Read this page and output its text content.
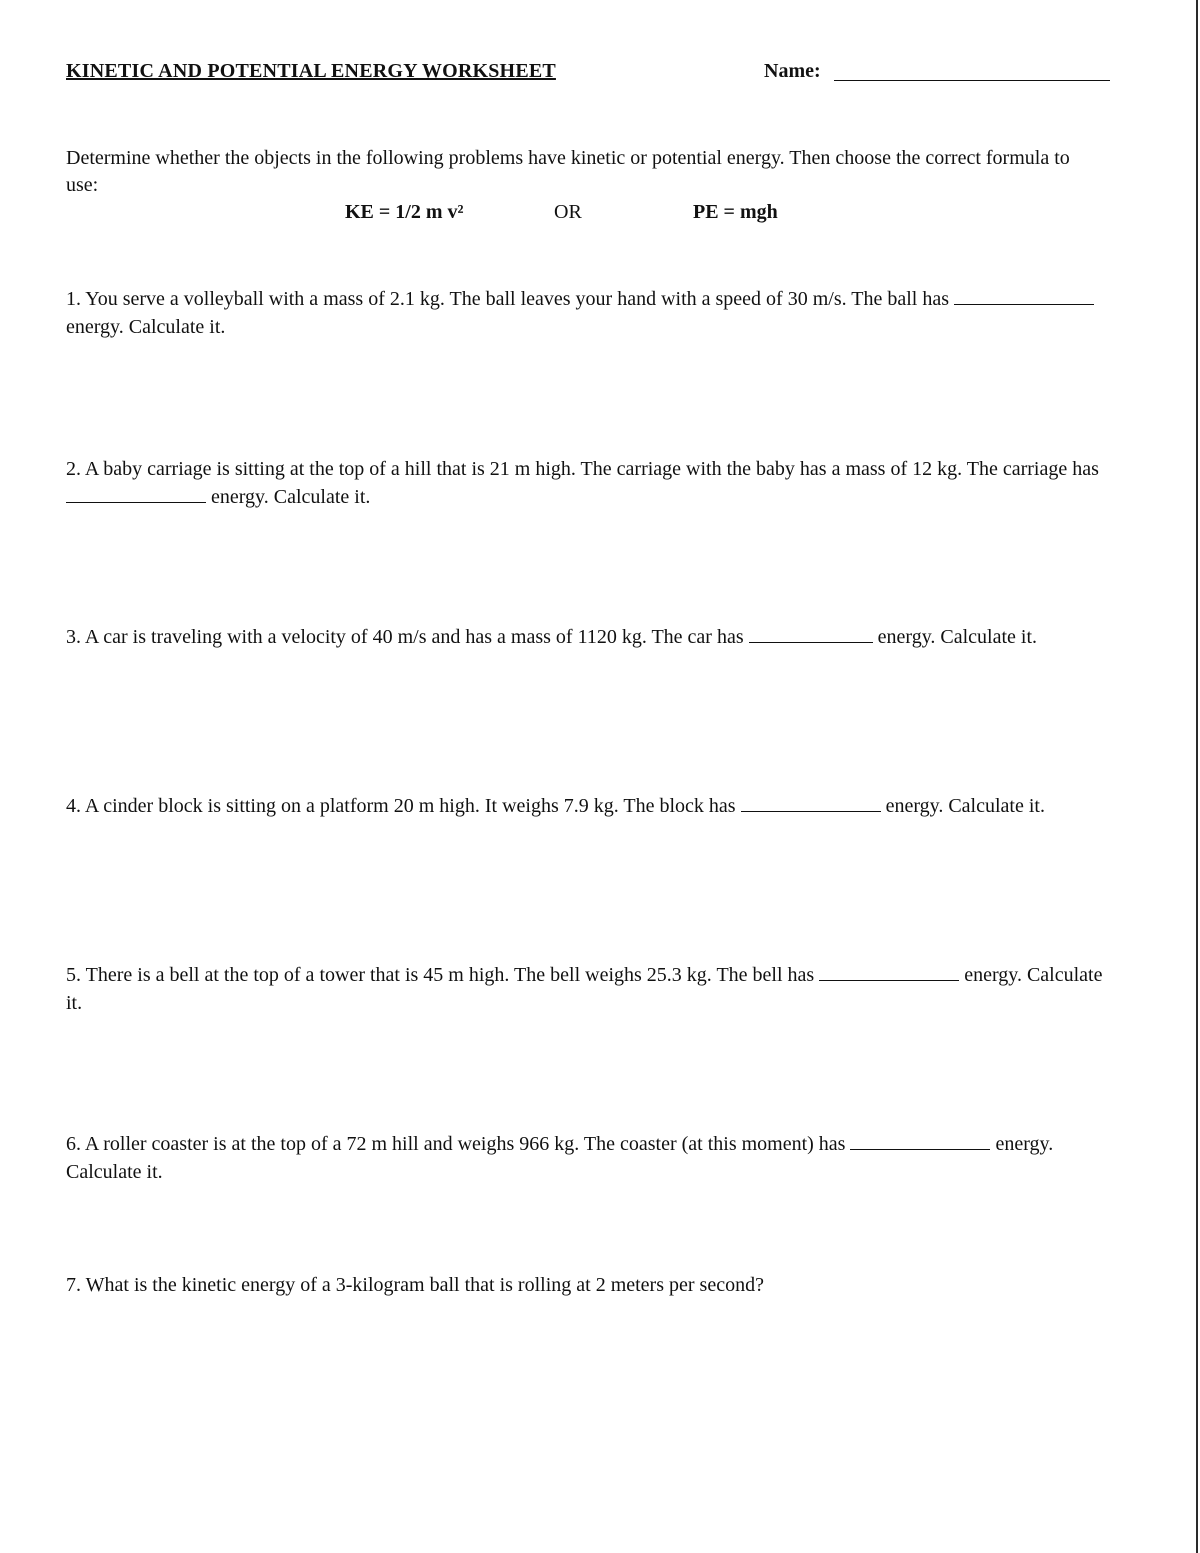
KINETIC AND POTENTIAL ENERGY WORKSHEET	Name:
Determine whether the objects in the following problems have kinetic or potential energy. Then choose the correct formula to use:
KE = 1/2 m v²	OR	PE = mgh
1. You serve a volleyball with a mass of 2.1 kg. The ball leaves your hand with a speed of 30 m/s. The ball has  energy. Calculate it.
2. A baby carriage is sitting at the top of a hill that is 21 m high. The carriage with the baby has a mass of 12 kg. The carriage has  energy. Calculate it.
3. A car is traveling with a velocity of 40 m/s and has a mass of 1120 kg. The car has	energy. Calculate it.
4. A cinder block is sitting on a platform 20 m high. It weighs 7.9 kg. The block has	energy. Calculate it.
5. There is a bell at the top of a tower that is 45 m high. The bell weighs 25.3 kg. The bell has	energy. Calculate it.
6. A roller coaster is at the top of a 72 m hill and weighs 966 kg. The coaster (at this moment) has	energy. Calculate it.
7. What is the kinetic energy of a 3-kilogram ball that is rolling at 2 meters per second?
